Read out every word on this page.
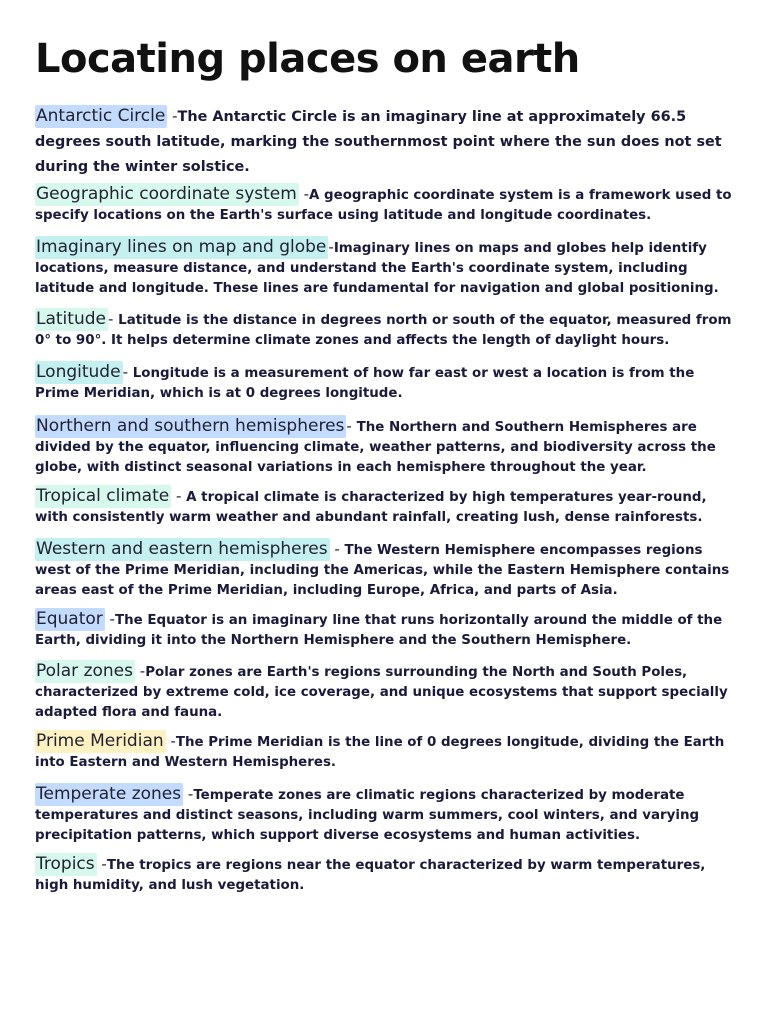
Locating places on earth
Antarctic Circle -The Antarctic Circle is an imaginary line at approximately 66.5 degrees south latitude, marking the southernmost point where the sun does not set during the winter solstice.
Geographic coordinate system -A geographic coordinate system is a framework used to specify locations on the Earth's surface using latitude and longitude coordinates.
Imaginary lines on map and globe -Imaginary lines on maps and globes help identify locations, measure distance, and understand the Earth's coordinate system, including latitude and longitude. These lines are fundamental for navigation and global positioning.
Latitude - Latitude is the distance in degrees north or south of the equator, measured from 0° to 90°. It helps determine climate zones and affects the length of daylight hours.
Longitude - Longitude is a measurement of how far east or west a location is from the Prime Meridian, which is at 0 degrees longitude.
Northern and southern hemispheres - The Northern and Southern Hemispheres are divided by the equator, influencing climate, weather patterns, and biodiversity across the globe, with distinct seasonal variations in each hemisphere throughout the year.
Tropical climate - A tropical climate is characterized by high temperatures year-round, with consistently warm weather and abundant rainfall, creating lush, dense rainforests.
Western and eastern hemispheres - The Western Hemisphere encompasses regions west of the Prime Meridian, including the Americas, while the Eastern Hemisphere contains areas east of the Prime Meridian, including Europe, Africa, and parts of Asia.
Equator -The Equator is an imaginary line that runs horizontally around the middle of the Earth, dividing it into the Northern Hemisphere and the Southern Hemisphere.
Polar zones -Polar zones are Earth's regions surrounding the North and South Poles, characterized by extreme cold, ice coverage, and unique ecosystems that support specially adapted flora and fauna.
Prime Meridian -The Prime Meridian is the line of 0 degrees longitude, dividing the Earth into Eastern and Western Hemispheres.
Temperate zones -Temperate zones are climatic regions characterized by moderate temperatures and distinct seasons, including warm summers, cool winters, and varying precipitation patterns, which support diverse ecosystems and human activities.
Tropics -The tropics are regions near the equator characterized by warm temperatures, high humidity, and lush vegetation.
